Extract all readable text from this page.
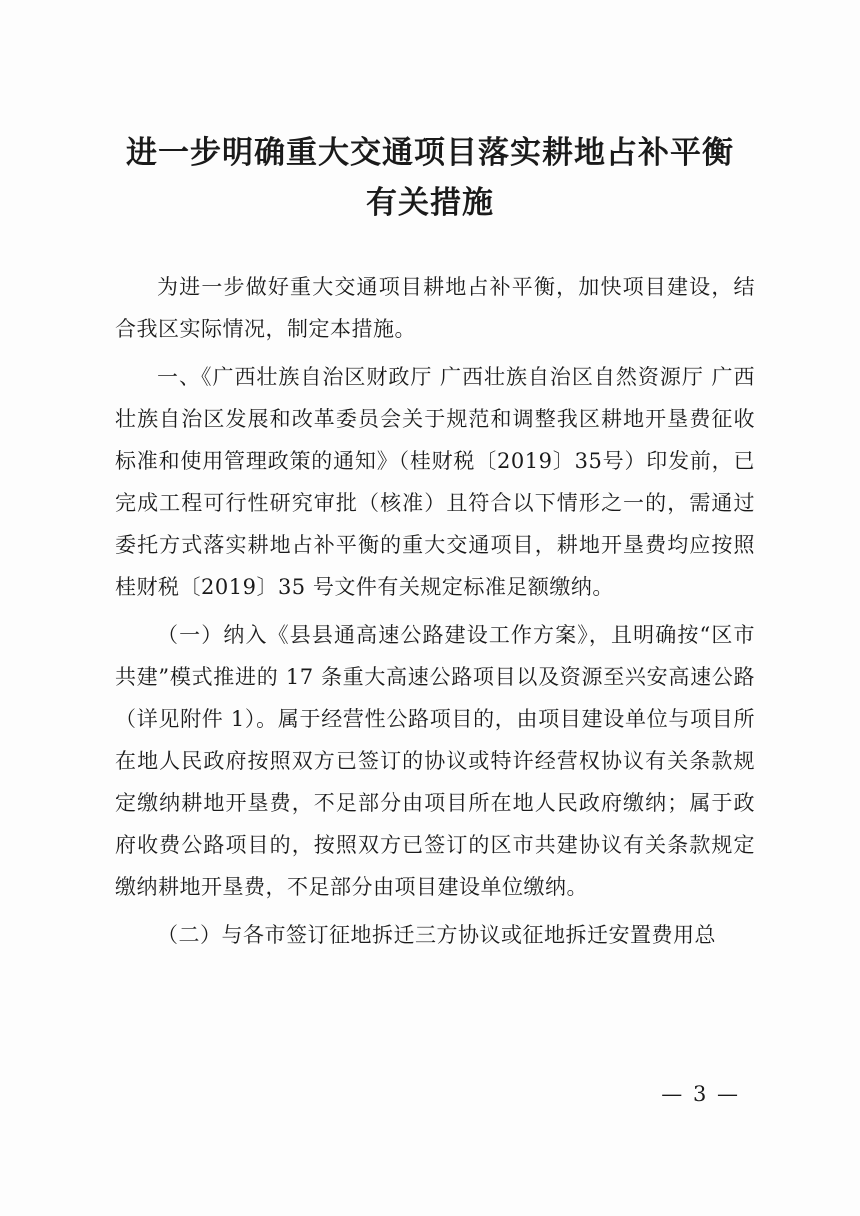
进一步明确重大交通项目落实耕地占补平衡
有关措施

为进一步做好重大交通项目耕地占补平衡，加快项目建设，结合我区实际情况，制定本措施。

一、《广西壮族自治区财政厅 广西壮族自治区自然资源厅 广西壮族自治区发展和改革委员会关于规范和调整我区耕地开垦费征收标准和使用管理政策的通知》（桂财税〔2019〕35号）印发前，已完成工程可行性研究审批（核准）且符合以下情形之一的，需通过委托方式落实耕地占补平衡的重大交通项目，耕地开垦费均应按照桂财税〔2019〕35 号文件有关规定标准足额缴纳。

（一）纳入《县县通高速公路建设工作方案》，且明确按“区市共建”模式推进的 17 条重大高速公路项目以及资源至兴安高速公路（详见附件 1）。属于经营性公路项目的，由项目建设单位与项目所在地人民政府按照双方已签订的协议或特许经营权协议有关条款规定缴纳耕地开垦费，不足部分由项目所在地人民政府缴纳；属于政府收费公路项目的，按照双方已签订的区市共建协议有关条款规定缴纳耕地开垦费，不足部分由项目建设单位缴纳。

（二）与各市签订征地拆迁三方协议或征地拆迁安置费用总

— 3 —
